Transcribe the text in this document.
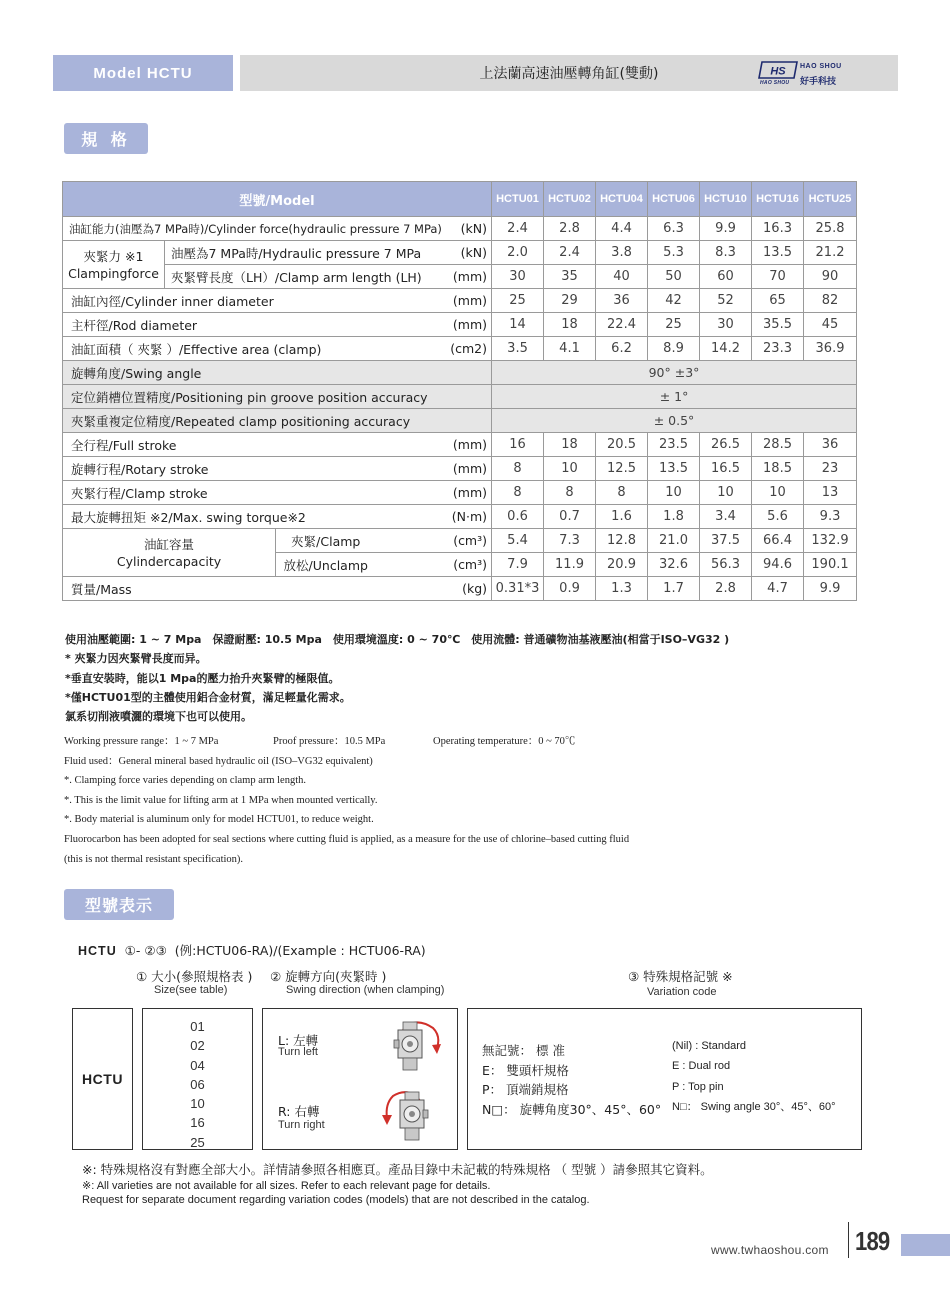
Model HCTU	上法蘭高速油壓轉角缸(雙動)	HS HAO SHOU
好手科技
HAO SHOU
規 格
型號/Model				HCTU01	HCTU02	HCTU04	HCTU06	HCTU10	HCTU16	HCTU25
油缸能力(油壓為7 MPa時)/Cylinder force(hydraulic pressure 7 MPa)			(kN)	2.4	2.8	4.4	6.3	9.9	16.3	25.8
夾緊力 ※1
Clampingforce	油壓為7 MPa時/Hydraulic pressure 7 MPa		(kN)	2.0	2.4	3.8	5.3	8.3	13.5	21.2
	夾緊臂長度（LH）/Clamp arm length (LH)		(mm)	30	35	40	50	60	70	90
油缸內徑/Cylinder inner diameter			(mm)	25	29	36	42	52	65	82
主杆徑/Rod diameter			(mm)	14	18	22.4	25	30	35.5	45
油缸面積（ 夾緊 ）/Effective area (clamp)			(cm2)	3.5	4.1	6.2	8.9	14.2	23.3	36.9
旋轉角度/Swing angle				90° ±3°						
定位銷槽位置精度/Positioning pin groove position accuracy				± 1°						
夾緊重複定位精度/Repeated clamp positioning accuracy				± 0.5°						
全行程/Full stroke			(mm)	16	18	20.5	23.5	26.5	28.5	36
旋轉行程/Rotary stroke			(mm)	8	10	12.5	13.5	16.5	18.5	23
夾緊行程/Clamp stroke			(mm)	8	8	8	10	10	10	13
最大旋轉扭矩 ※2/Max. swing torque※2			(N·m)	0.6	0.7	1.6	1.8	3.4	5.6	9.3
油缸容量
Cylindercapacity		夾緊/Clamp	(cm³)	5.4	7.3	12.8	21.0	37.5	66.4	132.9
		放松/Unclamp	(cm³)	7.9	11.9	20.9	32.6	56.3	94.6	190.1
質量/Mass			(kg)	0.31*3	0.9	1.3	1.7	2.8	4.7	9.9
使用油壓範圍: 1 ~ 7 Mpa　保證耐壓: 10.5 Mpa　使用環境溫度: 0 ~ 70℃　使用流體: 普通礦物油基液壓油(相當于ISO–VG32 )
* 夾緊力因夾緊臂長度而异。
*垂直安裝時，能以1 Mpa的壓力抬升夾緊臂的極限值。
*僅HCTU01型的主體使用鋁合金材質，滿足輕量化需求。
氯系切削液噴灑的環境下也可以使用。
Working pressure range：1 ~ 7 MPa	Proof pressure：10.5 MPa	Operating temperature：0 ~ 70℃
Fluid used：General mineral based hydraulic oil (ISO–VG32 equivalent)
*. Clamping force varies depending on clamp arm length.
*. This is the limit value for lifting arm at 1 MPa when mounted vertically.
*. Body material is aluminum only for model HCTU01, to reduce weight.
Fluorocarbon has been adopted for seal sections where cutting fluid is applied, as a measure for the use of chlorine–based cutting fluid
(this is not thermal resistant specification).
型號表示
HCTU ①- ②③ (例:HCTU06-RA)/(Example : HCTU06-RA)
① 大小(參照規格表 )
Size(see table)
② 旋轉方向(夾緊時 )
Swing direction (when clamping)
③ 特殊規格記號 ※
Variation code
HCTU
01
02
04
06
10
16
25
L: 左轉
Turn left
R: 右轉
Turn right
無記號： 標 准
E： 雙頭杆規格
P： 頂端銷規格
N□： 旋轉角度30°、45°、60°
(Nil) : Standard
E : Dual rod
P : Top pin
N□： Swing angle 30°、45°、60°
※: 特殊規格沒有對應全部大小。詳情請參照各相應頁。產品目錄中未記載的特殊規格 （ 型號 ）請參照其它資料。
※: All varieties are not available for all sizes. Refer to each relevant page for details.
Request for separate document regarding variation codes (models) that are not described in the catalog.
www.twhaoshou.com 189
